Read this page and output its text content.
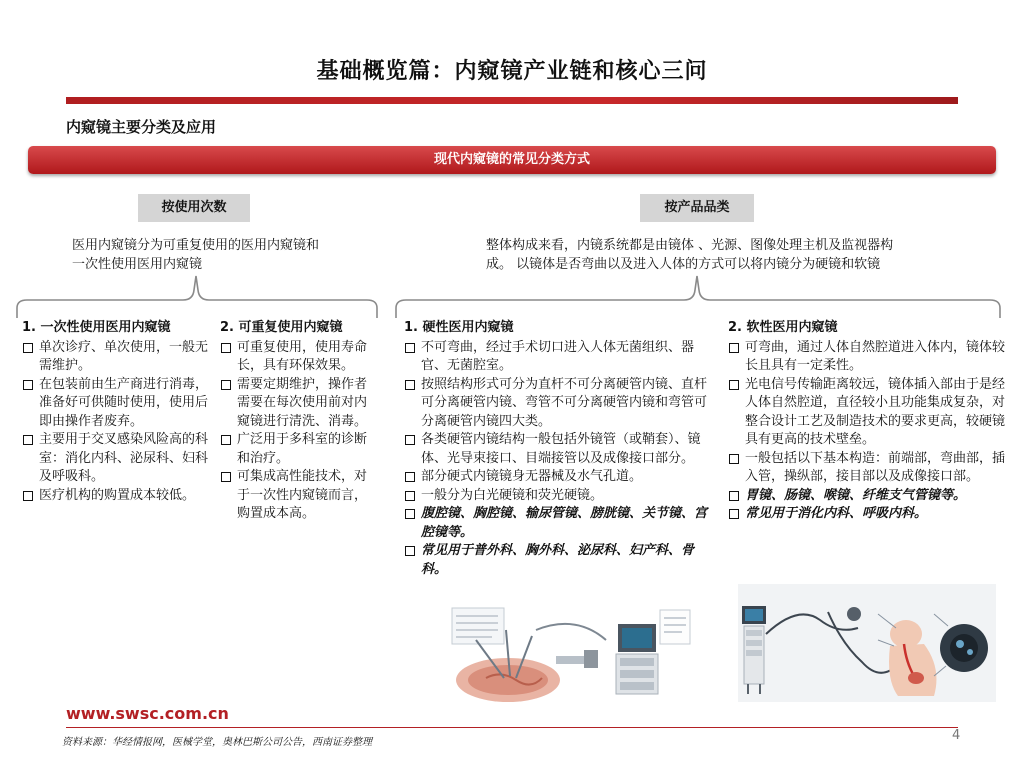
基础概览篇：内窥镜产业链和核心三问
内窥镜主要分类及应用
现代内窥镜的常见分类方式
按使用次数	按产品品类
医用内窥镜分为可重复使用的医用内窥镜和一次性使用医用内窥镜
整体构成来看，内镜系统都是由镜体 、光源、图像处理主机及监视器构成。 以镜体是否弯曲以及进入人体的方式可以将内镜分为硬镜和软镜
1. 一次性使用医用内窥镜
单次诊疗、单次使用，一般无需维护。
在包装前由生产商进行消毒，准备好可供随时使用，使用后即由操作者废弃。
主要用于交叉感染风险高的科室：消化内科、泌尿科、妇科及呼吸科。
医疗机构的购置成本较低。
2. 可重复使用内窥镜
可重复使用，使用寿命长，具有环保效果。
需要定期维护，操作者需要在每次使用前对内窥镜进行清洗、消毒。
广泛用于多科室的诊断和治疗。
可集成高性能技术，对于一次性内窥镜而言，购置成本高。
1. 硬性医用内窥镜
不可弯曲，经过手术切口进入人体无菌组织、器官、无菌腔室。
按照结构形式可分为直杆不可分离硬管内镜、直杆可分离硬管内镜、弯管不可分离硬管内镜和弯管可分离硬管内镜四大类。
各类硬管内镜结构一般包括外镜管（或鞘套）、镜体、光导束接口、目端接管以及成像接口部分。
部分硬式内镜镜身无器械及水气孔道。
一般分为白光硬镜和荧光硬镜。
腹腔镜、胸腔镜、输尿管镜、膀胱镜、关节镜、宫腔镜等。
常见用于普外科、胸外科、泌尿科、妇产科、骨科。
2. 软性医用内窥镜
可弯曲，通过人体自然腔道进入体内，镜体较长且具有一定柔性。
光电信号传输距离较远，镜体插入部由于是经人体自然腔道，直径较小且功能集成复杂，对整合设计工艺及制造技术的要求更高，较硬镜具有更高的技术壁垒。
一般包括以下基本构造：前端部，弯曲部，插入管，操纵部，接目部以及成像接口部。
胃镜、肠镜、喉镜、纤维支气管镜等。
常见用于消化内科、呼吸内科。
www.swsc.com.cn
资料来源：华经情报网，医械学堂，奥林巴斯公司公告，西南证券整理	4
